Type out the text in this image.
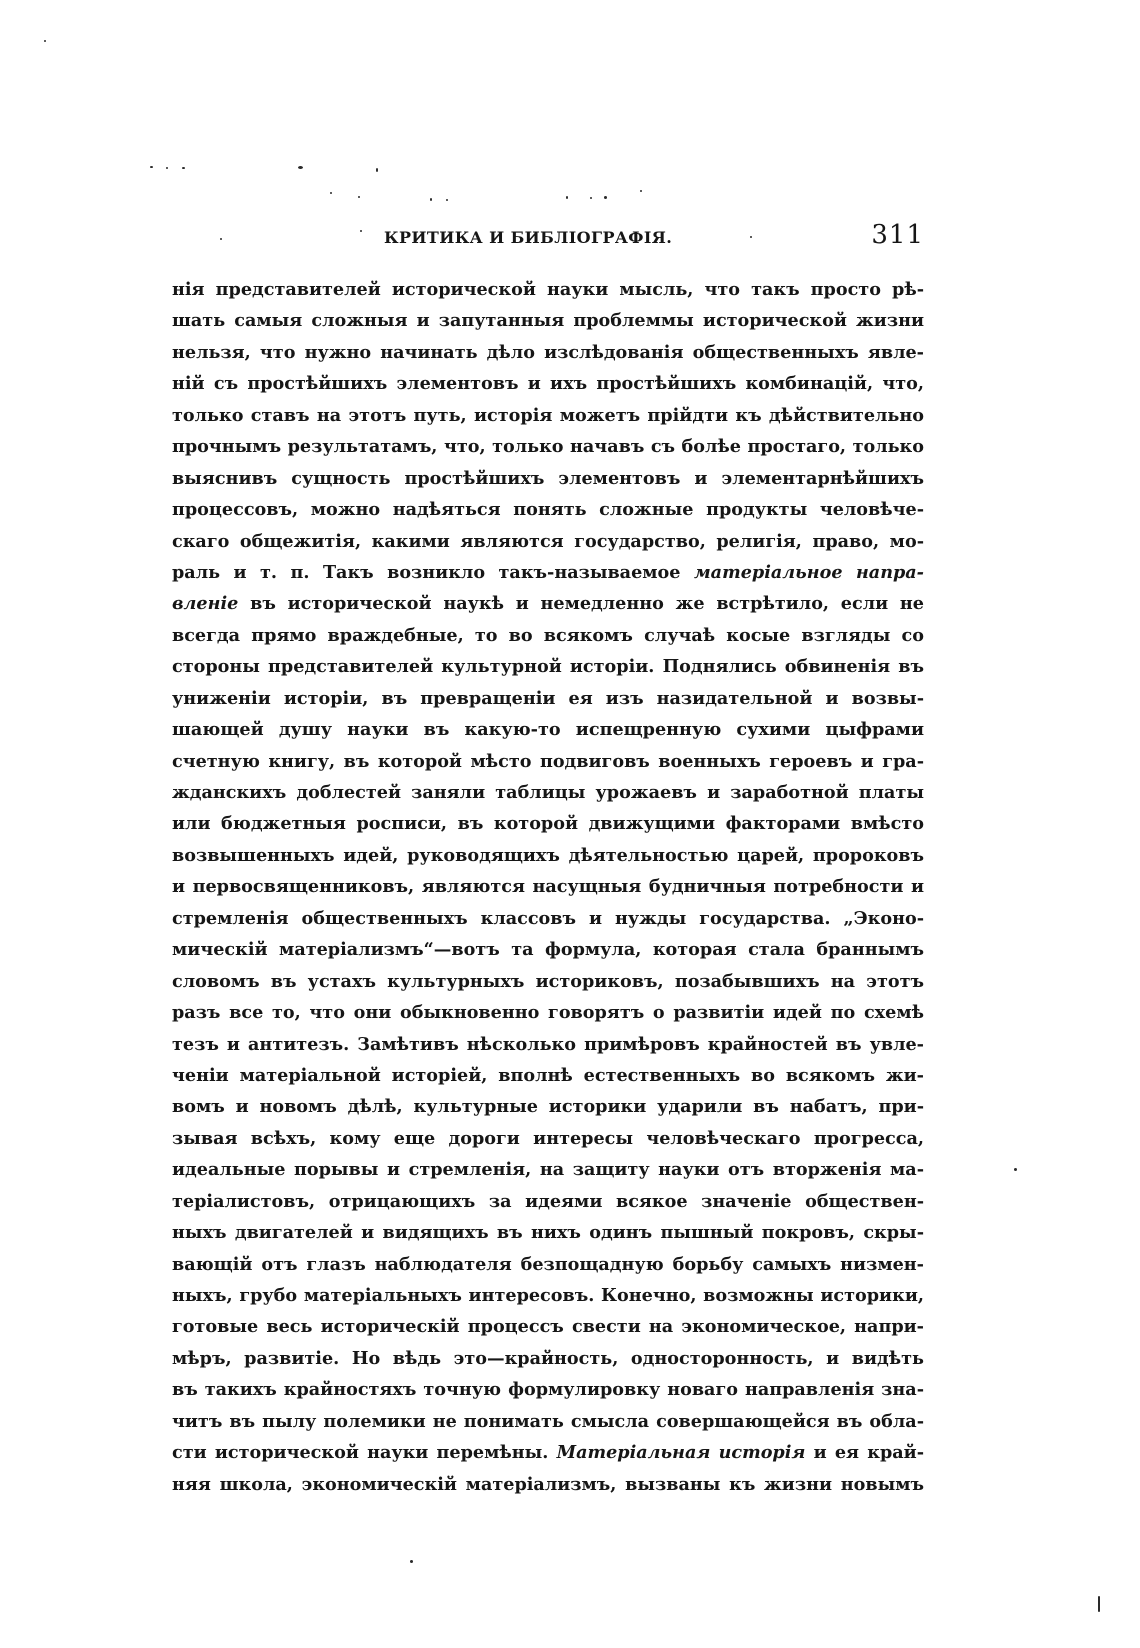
КРИТИКА И БИБЛІОГРАФІЯ.	311
нія представителей исторической науки мысль, что такъ просто рѣ-
шать самыя сложныя и запутанныя проблеммы исторической жизни
нельзя, что нужно начинать дѣло изслѣдованія общественныхъ явле-
ній съ простѣйшихъ элементовъ и ихъ простѣйшихъ комбинацій, что,
только ставъ на этотъ путь, исторія можетъ прійдти къ дѣйствительно
прочнымъ результатамъ, что, только начавъ съ болѣе простаго, только
выяснивъ сущность простѣйшихъ элементовъ и элементарнѣйшихъ
процессовъ, можно надѣяться понять сложные продукты человѣче-
скаго общежитія, какими являются государство, религія, право, мо-
раль и т. п. Такъ возникло такъ-называемое матеріальное напра-
вленіе въ исторической наукѣ и немедленно же встрѣтило, если не
всегда прямо враждебные, то во всякомъ случаѣ косые взгляды со
стороны представителей культурной исторіи. Поднялись обвиненія въ
униженіи исторіи, въ превращеніи ея изъ назидательной и возвы-
шающей душу науки въ какую-то испещренную сухими цыфрами
счетную книгу, въ которой мѣсто подвиговъ военныхъ героевъ и гра-
жданскихъ доблестей заняли таблицы урожаевъ и заработной платы
или бюджетныя росписи, въ которой движущими факторами вмѣсто
возвышенныхъ идей, руководящихъ дѣятельностью царей, пророковъ
и первосвященниковъ, являются насущныя будничныя потребности и
стремленія общественныхъ классовъ и нужды государства. „Эконо-
мическій матеріализмъ“—вотъ та формула, которая стала браннымъ
словомъ въ устахъ культурныхъ историковъ, позабывшихъ на этотъ
разъ все то, что они обыкновенно говорятъ о развитіи идей по схемѣ
тезъ и антитезъ. Замѣтивъ нѣсколько примѣровъ крайностей въ увле-
ченіи матеріальной исторіей, вполнѣ естественныхъ во всякомъ жи-
вомъ и новомъ дѣлѣ, культурные историки ударили въ набатъ, при-
зывая всѣхъ, кому еще дороги интересы человѣческаго прогресса,
идеальные порывы и стремленія, на защиту науки отъ вторженія ма-
теріалистовъ, отрицающихъ за идеями всякое значеніе обществен-
ныхъ двигателей и видящихъ въ нихъ одинъ пышный покровъ, скры-
вающій отъ глазъ наблюдателя безпощадную борьбу самыхъ низмен-
ныхъ, грубо матеріальныхъ интересовъ. Конечно, возможны историки,
готовые весь историческій процессъ свести на экономическое, напри-
мѣръ, развитіе. Но вѣдь это—крайность, односторонность, и видѣть
въ такихъ крайностяхъ точную формулировку новаго направленія зна-
читъ въ пылу полемики не понимать смысла совершающейся въ обла-
сти исторической науки перемѣны. Матеріальная исторія и ея край-
няя школа, экономическій матеріализмъ, вызваны къ жизни новымъ
